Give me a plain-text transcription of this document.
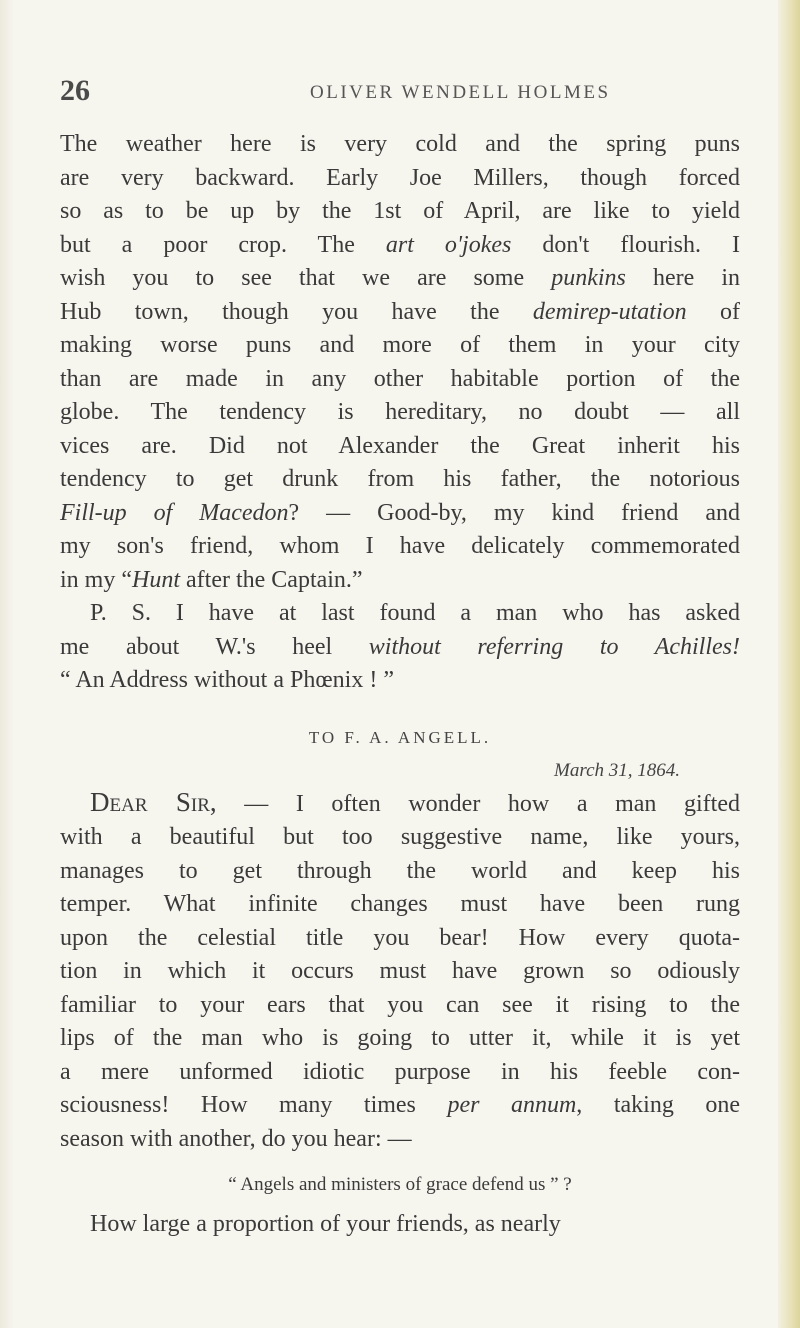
26	OLIVER WENDELL HOLMES
The weather here is very cold and the spring puns
are very backward. Early Joe Millers, though forced
so as to be up by the 1st of April, are like to yield
but a poor crop. The art o'jokes don't flourish. I
wish you to see that we are some punkins here in
Hub town, though you have the demirep-utation of
making worse puns and more of them in your city
than are made in any other habitable portion of the
globe. The tendency is hereditary, no doubt — all
vices are. Did not Alexander the Great inherit his
tendency to get drunk from his father, the notorious
Fill-up of Macedon? — Good-by, my kind friend and
my son's friend, whom I have delicately commemorated
in my “Hunt after the Captain.”
P. S. I have at last found a man who has asked
me about W.'s heel without referring to Achilles!
“ An Address without a Phœnix ! ”
TO F. A. ANGELL.
March 31, 1864.
Dear Sir, — I often wonder how a man gifted
with a beautiful but too suggestive name, like yours,
manages to get through the world and keep his
temper. What infinite changes must have been rung
upon the celestial title you bear! How every quota-
tion in which it occurs must have grown so odiously
familiar to your ears that you can see it rising to the
lips of the man who is going to utter it, while it is yet
a mere unformed idiotic purpose in his feeble con-
sciousness! How many times per annum, taking one
season with another, do you hear: —
“ Angels and ministers of grace defend us ” ?
How large a proportion of your friends, as nearly
